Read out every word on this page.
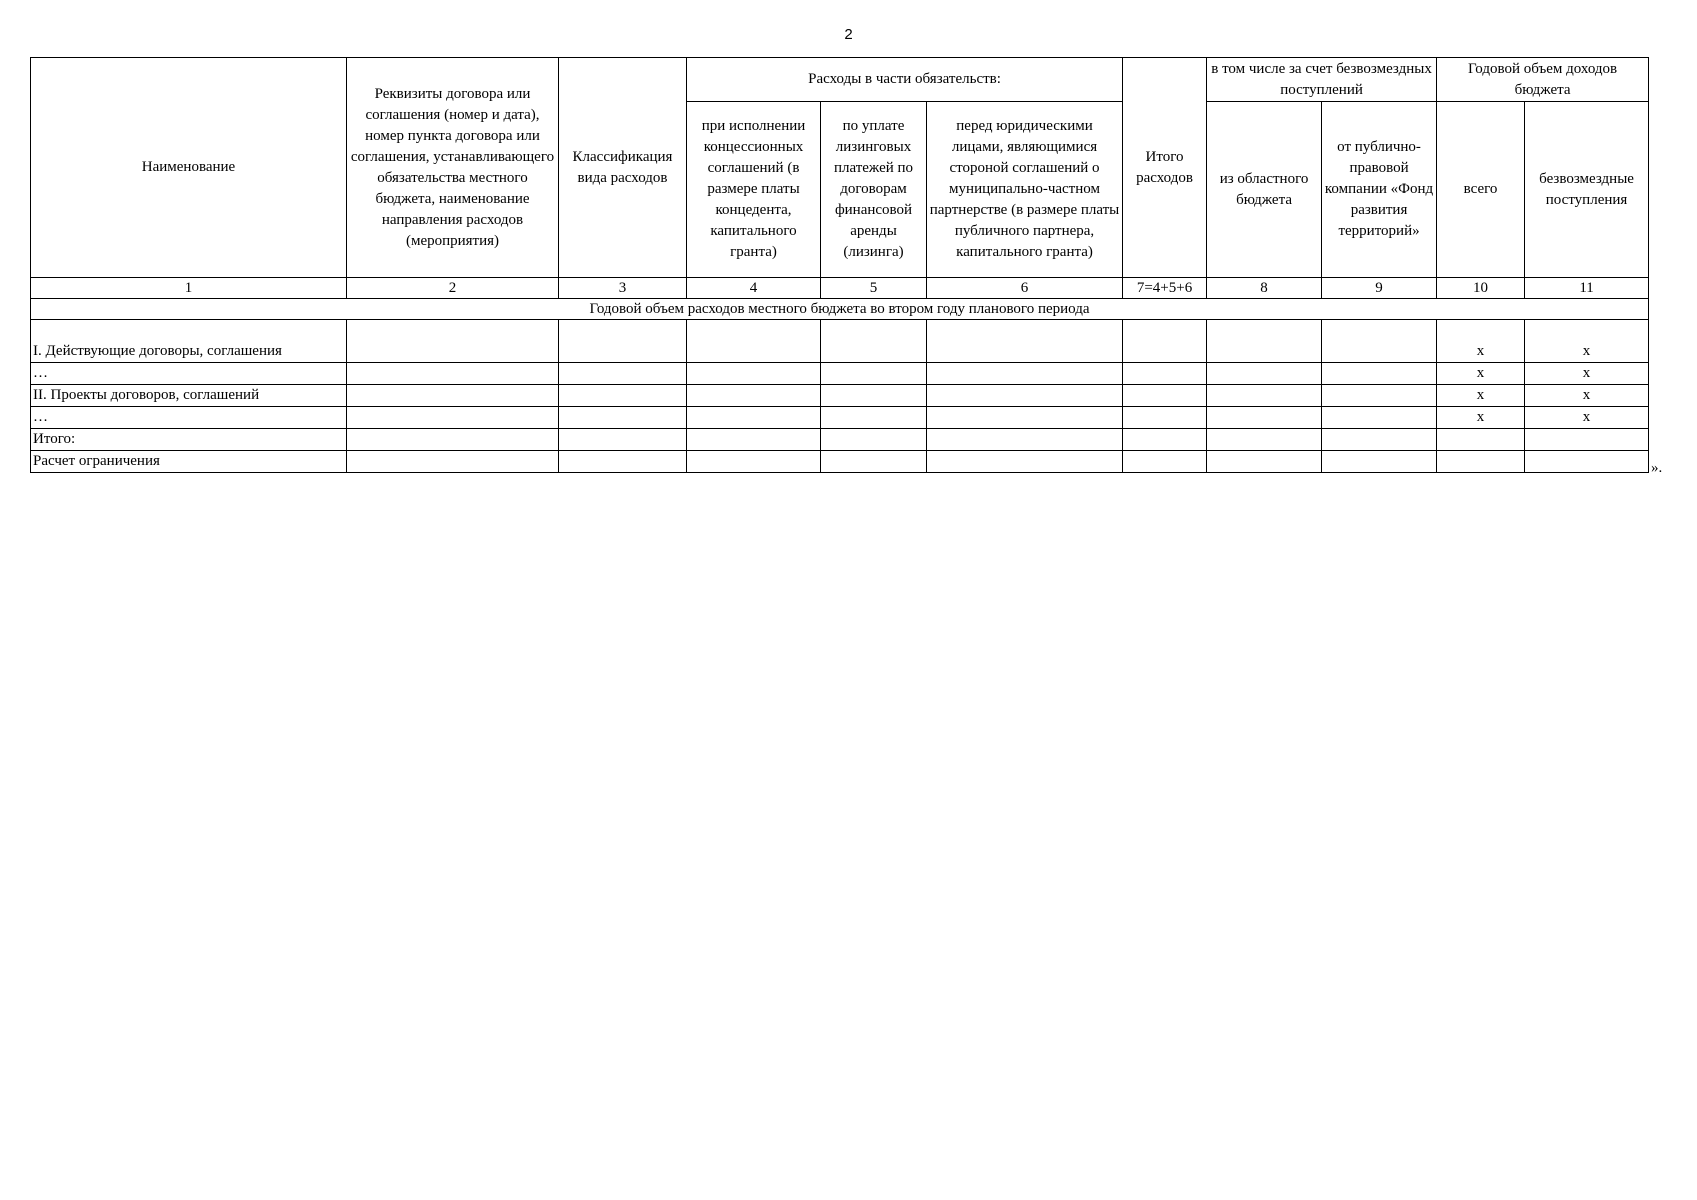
2
Наименование	Реквизиты договора или соглашения (номер и дата), номер пункта договора или соглашения, устанавливающего обязательства местного бюджета, наименование направления расходов (мероприятия)	Классификация вида расходов	Расходы в части обязательств:			Итого расходов	в том числе за счет безвозмездных поступлений		Годовой объем доходов бюджета	
			при исполнении концессионных соглашений (в размере платы концедента, капитального гранта)	по уплате лизинговых платежей по договорам финансовой аренды (лизинга)	перед юридическими лицами, являющимися стороной соглашений о муниципально-частном партнерстве (в размере платы публичного партнера, капитального гранта)		из областного бюджета	от публично-правовой компании «Фонд развития территорий»	всего	безвозмездные поступления
1	2	3	4	5	6	7=4+5+6	8	9	10	11
Годовой объем расходов местного бюджета во втором году планового периода										
I. Действующие договоры, соглашения									х	х
…									х	х
II. Проекты договоров, соглашений									х	х
…									х	х
Итого:										
Расчет ограничения											».
